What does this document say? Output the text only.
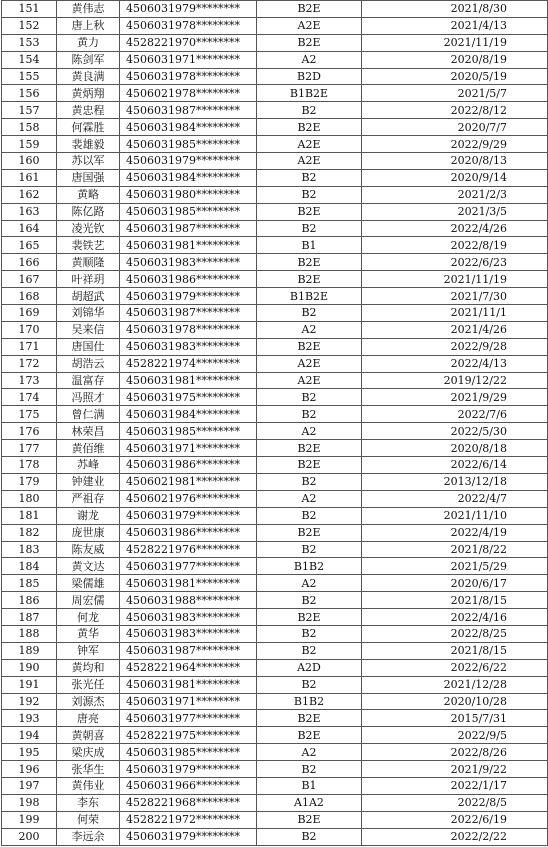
151	黄伟志	4506031979********	B2E	2021/8/30
152	唐上秋	4506031978********	A2E	2021/4/13
153	黄力	4528221970********	B2E	2021/11/19
154	陈剑军	4506031971********	A2	2020/8/19
155	黄良满	4506031978********	B2D	2020/5/19
156	黄炳翔	4506021978********	B1B2E	2021/5/7
157	黄忠程	4506031987********	B2	2022/8/12
158	何霖胜	4506031984********	B2E	2020/7/7
159	裴雄毅	4506031985********	A2E	2022/9/29
160	苏以军	4506031979********	A2E	2020/8/13
161	唐国强	4506031984********	B2	2020/9/14
162	黄略	4506031980********	B2	2021/2/3
163	陈亿路	4506031985********	B2E	2021/3/5
164	凌光钦	4506031987********	B2	2022/4/26
165	裴铁艺	4506031981********	B1	2022/8/19
166	黄顺隆	4506031983********	B2E	2022/6/23
167	叶祥玥	4506031986********	B2E	2021/11/19
168	胡超武	4506031979********	B1B2E	2021/7/30
169	刘锦华	4506031987********	B2	2021/11/1
170	吴来信	4506031978********	A2	2021/4/26
171	唐国仕	4506031983********	B2E	2022/9/28
172	胡浩云	4528221974********	A2E	2022/4/13
173	温富存	4506031981********	A2E	2019/12/22
174	冯照才	4506031975********	B2	2021/9/29
175	曾仁满	4506031984********	B2	2022/7/6
176	林荣昌	4506031985********	A2	2022/5/30
177	黄佰维	4506031971********	B2E	2020/8/18
178	苏峰	4506031986********	B2E	2022/6/14
179	钟建业	4506021981********	B2	2013/12/18
180	严祖存	4506021976********	A2	2022/4/7
181	谢龙	4506031979********	B2	2021/11/10
182	庞世康	4506031986********	B2E	2022/4/19
183	陈友威	4528221976********	B2	2021/8/22
184	黄文达	4506031977********	B1B2	2021/5/29
185	梁儒雄	4506031981********	A2	2020/6/17
186	周宏儒	4506031988********	B2	2021/8/15
187	何龙	4506031983********	B2E	2022/4/16
188	黄华	4506031983********	B2	2022/8/25
189	钟军	4506031987********	B2	2021/8/15
190	黄均和	4528221964********	A2D	2022/6/22
191	张光任	4506031981********	B2	2021/12/28
192	刘源杰	4506031971********	B1B2	2020/10/28
193	唐亮	4506031977********	B2E	2015/7/31
194	黄朝喜	4528221975********	B2E	2022/9/5
195	梁庆成	4506031985********	A2	2022/8/26
196	张华生	4506031979********	B2	2021/9/22
197	黄伟业	4506031966********	B1	2022/1/17
198	李东	4528221968********	A1A2	2022/8/5
199	何荣	4528221972********	B2E	2022/6/19
200	李远余	4506031979********	B2	2022/2/22
